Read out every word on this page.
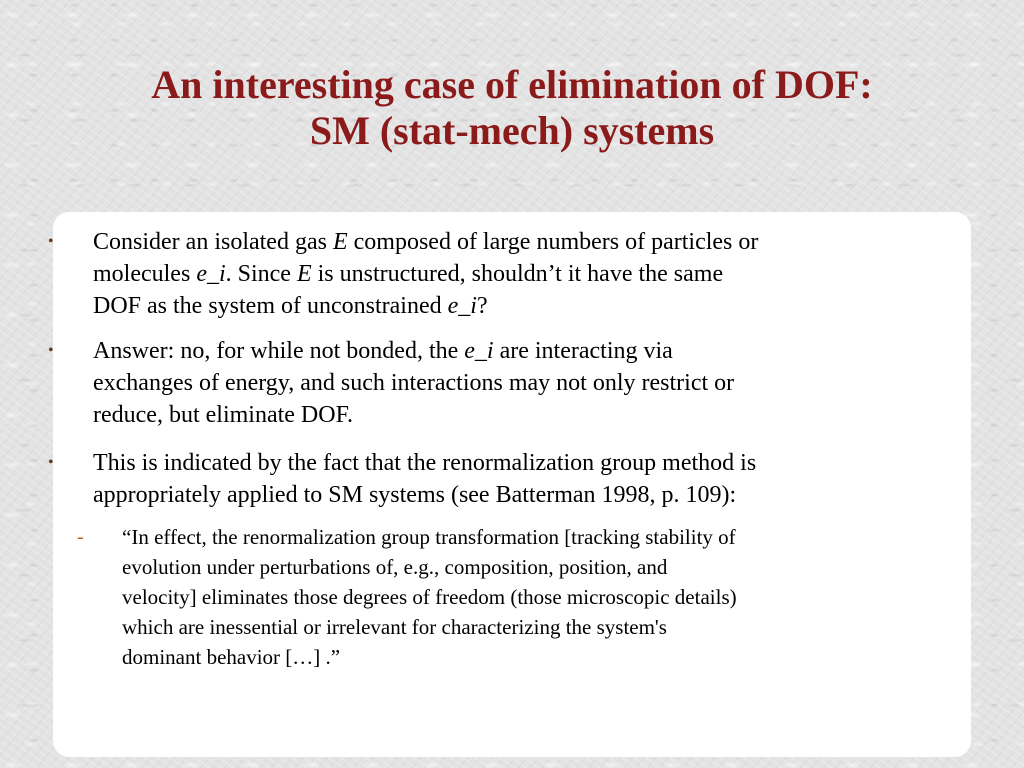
An interesting case of elimination of DOF:
SM (stat-mech) systems
• Consider an isolated gas E composed of large numbers of particles or
molecules e_i. Since E is unstructured, shouldn’t it have the same
DOF as the system of unconstrained e_i?
• Answer: no, for while not bonded, the e_i are interacting via
exchanges of energy, and such interactions may not only restrict or
reduce, but eliminate DOF.
• This is indicated by the fact that the renormalization group method is
appropriately applied to SM systems (see Batterman 1998, p. 109):
- “In effect, the renormalization group transformation [tracking stability of
evolution under perturbations of, e.g., composition, position, and
velocity] eliminates those degrees of freedom (those microscopic details)
which are inessential or irrelevant for characterizing the system's
dominant behavior […] .”
